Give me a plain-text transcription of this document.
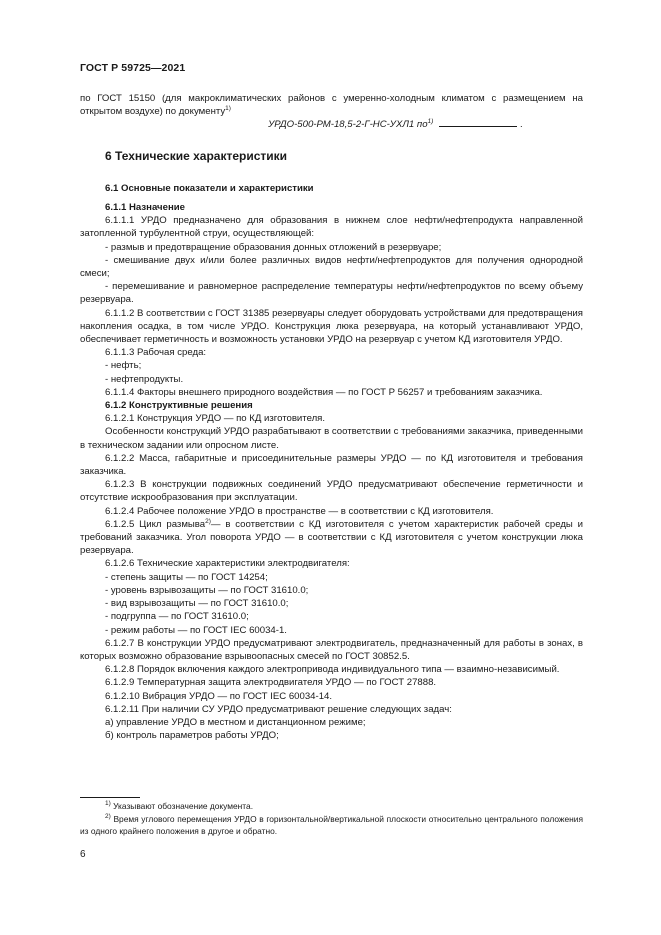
ГОСТ Р 59725—2021

по ГОСТ 15150 (для макроклиматических районов с умеренно-холодным климатом с размещением на открытом воздухе) по документу$^{1)}$

УРДО-500-РМ-18,5-2-Г-НС-УХЛ1 $по^{1)}$	.

6 Технические характеристики

6.1 Основные показатели и характеристики

6.1.1 Назначение

6.1.1.1 УРДО предназначено для образования в нижнем слое нефти/нефтепродукта направленной затопленной турбулентной струи, осуществляющей:

- размыв и предотвращение образования донных отложений в резервуаре;

- смешивание двух и/или более различных видов нефти/нефтепродуктов для получения однородной смеси;

- перемешивание и равномерное распределение температуры нефти/нефтепродуктов по всему объему резервуара.

6.1.1.2 В соответствии с ГОСТ 31385 резервуары следует оборудовать устройствами для предотвращения накопления осадка, в том числе УРДО. Конструкция люка резервуара, на который устанавливают УРДО, обеспечивает герметичность и возможность установки УРДО на резервуар с учетом КД изготовителя УРДО.

6.1.1.3 Рабочая среда:

- нефть;

- нефтепродукты.

6.1.1.4 Факторы внешнего природного воздействия — по ГОСТ Р 56257 и требованиям заказчика.

6.1.2 Конструктивные решения

6.1.2.1 Конструкция УРДО — по КД изготовителя.

Особенности конструкций УРДО разрабатывают в соответствии с требованиями заказчика, приведенными в техническом задании или опросном листе.

6.1.2.2 Масса, габаритные и присоединительные размеры УРДО — по КД изготовителя и требования заказчика.

6.1.2.3 В конструкции подвижных соединений УРДО предусматривают обеспечение герметичности и отсутствие искрообразования при эксплуатации.

6.1.2.4 Рабочее положение УРДО в пространстве — в соответствии с КД изготовителя.

6.1.2.5 Цикл размыва$^{2)}$— в соответствии с КД изготовителя с учетом характеристик рабочей среды и требований заказчика. Угол поворота УРДО — в соответствии с КД изготовителя с учетом конструкции люка резервуара.

6.1.2.6 Технические характеристики электродвигателя:

- степень защиты — по ГОСТ 14254;

- уровень взрывозащиты — по ГОСТ 31610.0;

- вид взрывозащиты — по ГОСТ 31610.0;

- подгруппа — по ГОСТ 31610.0;

- режим работы — по ГОСТ IEC 60034-1.

6.1.2.7 В конструкции УРДО предусматривают электродвигатель, предназначенный для работы в зонах, в которых возможно образование взрывоопасных смесей по ГОСТ 30852.5.

6.1.2.8 Порядок включения каждого электропривода индивидуального типа — взаимно-независимый.

6.1.2.9 Температурная защита электродвигателя УРДО — по ГОСТ 27888.

6.1.2.10 Вибрация УРДО — по ГОСТ IEC 60034-14.

6.1.2.11 При наличии СУ УРДО предусматривают решение следующих задач:

а) управление УРДО в местном и дистанционном режиме;

б) контроль параметров работы УРДО;

$^{1)}$ Указывают обозначение документа.

$^{2)}$ Время углового перемещения УРДО в горизонтальной/вертикальной плоскости относительно центрального положения из одного крайнего положения в другое и обратно.

6
